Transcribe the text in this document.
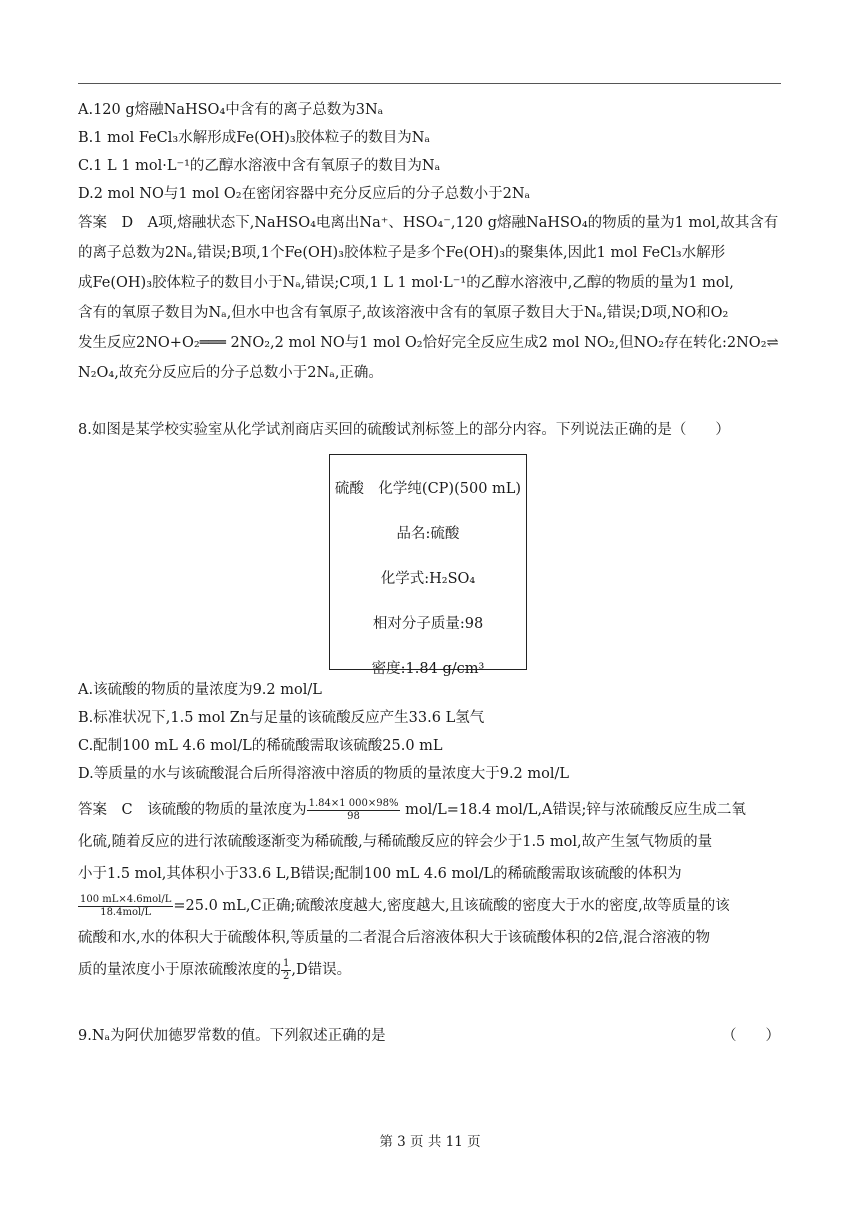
A.120 g熔融NaHSO₄中含有的离子总数为3Nₐ
B.1 mol FeCl₃水解形成Fe(OH)₃胶体粒子的数目为Nₐ
C.1 L 1 mol·L⁻¹的乙醇水溶液中含有氧原子的数目为Nₐ
D.2 mol NO与1 mol O₂在密闭容器中充分反应后的分子总数小于2Nₐ
答案　D　A项,熔融状态下,NaHSO₄电离出Na⁺、HSO₄⁻,120 g熔融NaHSO₄的物质的量为1 mol,故其含有
的离子总数为2Nₐ,错误;B项,1个Fe(OH)₃胶体粒子是多个Fe(OH)₃的聚集体,因此1 mol FeCl₃水解形
成Fe(OH)₃胶体粒子的数目小于Nₐ,错误;C项,1 L 1 mol·L⁻¹的乙醇水溶液中,乙醇的物质的量为1 mol,
含有的氧原子数目为Nₐ,但水中也含有氧原子,故该溶液中含有的氧原子数目大于Nₐ,错误;D项,NO和O₂
发生反应2NO+O₂═══ 2NO₂,2 mol NO与1 mol O₂恰好完全反应生成2 mol NO₂,但NO₂存在转化:2NO₂⇌
N₂O₄,故充分反应后的分子总数小于2Nₐ,正确。
8.如图是某学校实验室从化学试剂商店买回的硫酸试剂标签上的部分内容。下列说法正确的是（　　）
硫酸　化学纯(CP)(500 mL)
品名:硫酸
化学式:H₂SO₄
相对分子质量:98
密度:1.84 g/cm³
A.该硫酸的物质的量浓度为9.2 mol/L
B.标准状况下,1.5 mol Zn与足量的该硫酸反应产生33.6 L氢气
C.配制100 mL 4.6 mol/L的稀硫酸需取该硫酸25.0 mL
D.等质量的水与该硫酸混合后所得溶液中溶质的物质的量浓度大于9.2 mol/L
答案　C　该硫酸的物质的量浓度为 $\frac{1.84\times 1 000\times 98\%}{98} mol/L=18.4$ mol/L,A错误;锌与浓硫酸反应生成二氧
化硫,随着反应的进行浓硫酸逐渐变为稀硫酸,与稀硫酸反应的锌会少于1.5 mol,故产生氢气物质的量
小于1.5 mol,其体积小于33.6 L,B错误;配制100 mL 4.6 mol/L的稀硫酸需取该硫酸的体积为
$\frac{\text{100 mL×4.6mol/L}}{\text{18.4mol/L}} =25.0$ mL,C正确;硫酸浓度越大,密度越大,且该硫酸的密度大于水的密度,故等质量的该
硫酸和水,水的体积大于硫酸体积,等质量的二者混合后溶液体积大于该硫酸体积的2倍,混合溶液的物
质的量浓度小于原浓硫酸浓度的 $\frac{1}{2} ,D$错误。
9.Nₐ为阿伏加德罗常数的值。下列叙述正确的是	（　　）
第 3 页 共 11 页
